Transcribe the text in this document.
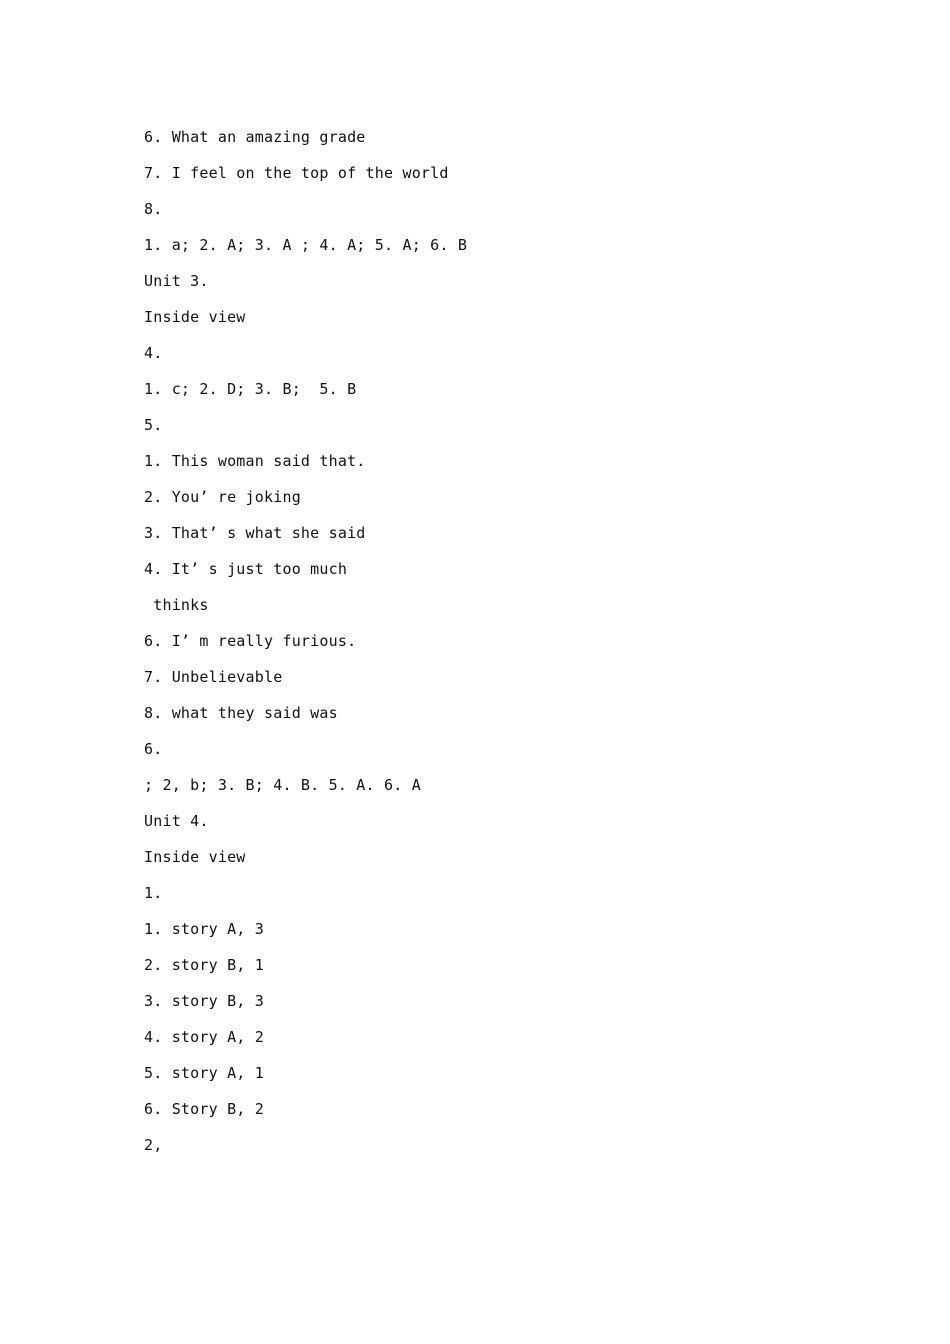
6. What an amazing grade
7. I feel on the top of the world
8.
1. a; 2. A; 3. A ; 4. A; 5. A; 6. B
Unit 3.
Inside view
4.
1. c; 2. D; 3. B;  5. B
5.
1. This woman said that.
2. You’ re joking
3. That’ s what she said
4. It’ s just too much
thinks
6. I’ m really furious.
7. Unbelievable
8. what they said was
6.
; 2, b; 3. B; 4. B. 5. A. 6. A
Unit 4.
Inside view
1.
1. story A, 3
2. story B, 1
3. story B, 3
4. story A, 2
5. story A, 1
6. Story B, 2
2,
